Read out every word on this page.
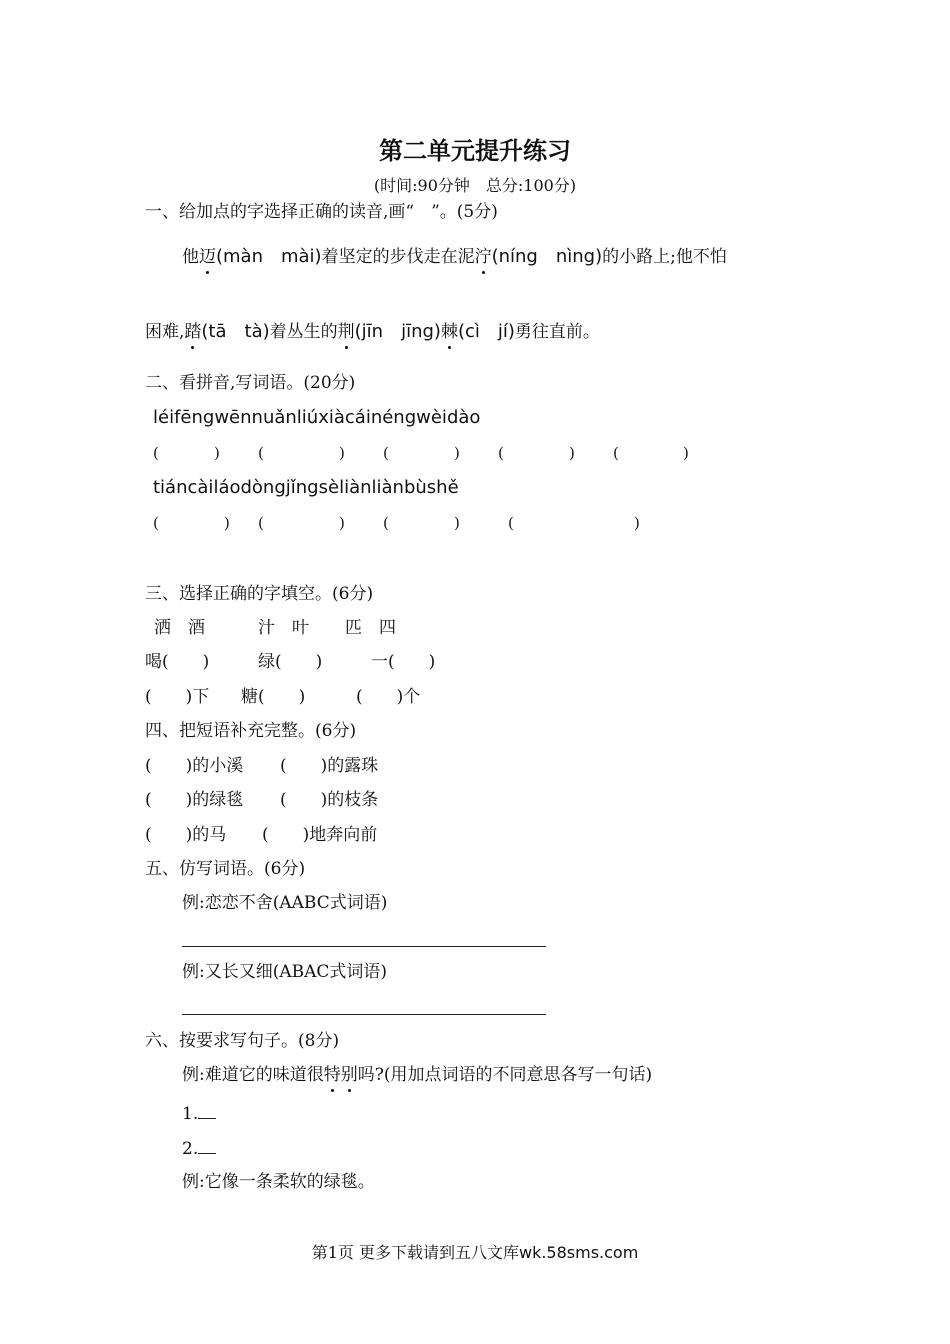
第二单元提升练习
(时间:90分钟　总分:100分)
一、给加点的字选择正确的读音,画“　”。(5分)
他迈(màn　mài)着坚定的步伐走在泥泞(níng　nìng)的小路上;他不怕
困难,踏(tā　tà)着丛生的荆(jīn　jīng)棘(cì　jí)勇往直前。
二、看拼音,写词语。(20分)
léifēngwēnnuǎnliúxiàcáinéngwèidào
(	)	(	)	(	)	(	)	(	)
tiáncàiláodòngjǐngsèliànliànbùshě
(	) (	)	(	)	(	)
三、选择正确的字填空。(6分)
洒　酒	汁　叶 匹　四
喝(　　)	绿(　　)	一(　　)
(　　)下 糖(　　)	(　　)个
四、把短语补充完整。(6分)
(　　)的小溪 (　　)的露珠
(　　)的绿毯 (　　)的枝条
(　　)的马 (　　)地奔向前
五、仿写词语。(6分)
例:恋恋不舍(AABC式词语)
例:又长又细(ABAC式词语)
六、按要求写句子。(8分)
例:难道它的味道很特别吗?(用加点词语的不同意思各写一句话)
1.
2.
例:它像一条柔软的绿毯。
第1页 更多下载请到五八文库wk.58sms.com
